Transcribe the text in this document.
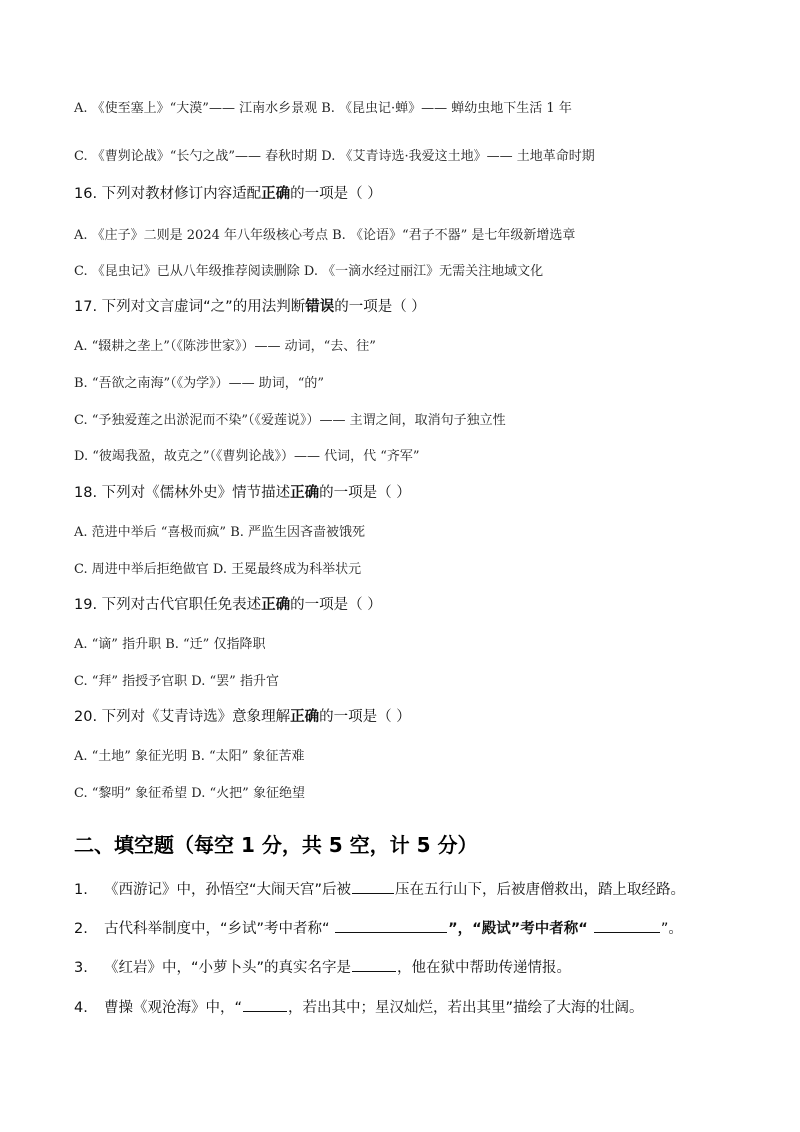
A. 《使至塞上》“大漠”—— 江南水乡景观 B. 《昆虫记·蝉》—— 蝉幼虫地下生活 1 年
C. 《曹刿论战》“长勺之战”—— 春秋时期 D. 《艾青诗选·我爱这土地》—— 土地革命时期
16. 下列对教材修订内容适配正确的一项是（ ）
A. 《庄子》二则是 2024 年八年级核心考点 B. 《论语》“君子不器” 是七年级新增选章
C. 《昆虫记》已从八年级推荐阅读删除 D. 《一滴水经过丽江》无需关注地域文化
17. 下列对文言虚词“之”的用法判断错误的一项是（ ）
A. “辍耕之垄上”（《陈涉世家》）—— 动词，“去、往”
B. “吾欲之南海”（《为学》）—— 助词，“的”
C. “予独爱莲之出淤泥而不染”（《爱莲说》）—— 主谓之间，取消句子独立性
D. “彼竭我盈，故克之”（《曹刿论战》）—— 代词，代 “齐军”
18. 下列对《儒林外史》情节描述正确的一项是（ ）
A. 范进中举后 “喜极而疯” B. 严监生因吝啬被饿死
C. 周进中举后拒绝做官 D. 王冕最终成为科举状元
19. 下列对古代官职任免表述正确的一项是（ ）
A. “谪” 指升职 B. “迁” 仅指降职
C. “拜” 指授予官职 D. “罢” 指升官
20. 下列对《艾青诗选》意象理解正确的一项是（ ）
A. “土地” 象征光明 B. “太阳” 象征苦难
C. “黎明” 象征希望 D. “火把” 象征绝望
二、填空题（每空 1 分，共 5 空，计 5 分）
1. 《西游记》中，孙悟空“大闹天宫”后被	压在五行山下，后被唐僧救出，踏上取经路。
2. 古代科举制度中，“乡试”考中者称“	”，“殿试”考中者称“	”。
3. 《红岩》中，“小萝卜头”的真实名字是	，他在狱中帮助传递情报。
4. 曹操《观沧海》中，“	，若出其中；星汉灿烂，若出其里”描绘了大海的壮阔。
